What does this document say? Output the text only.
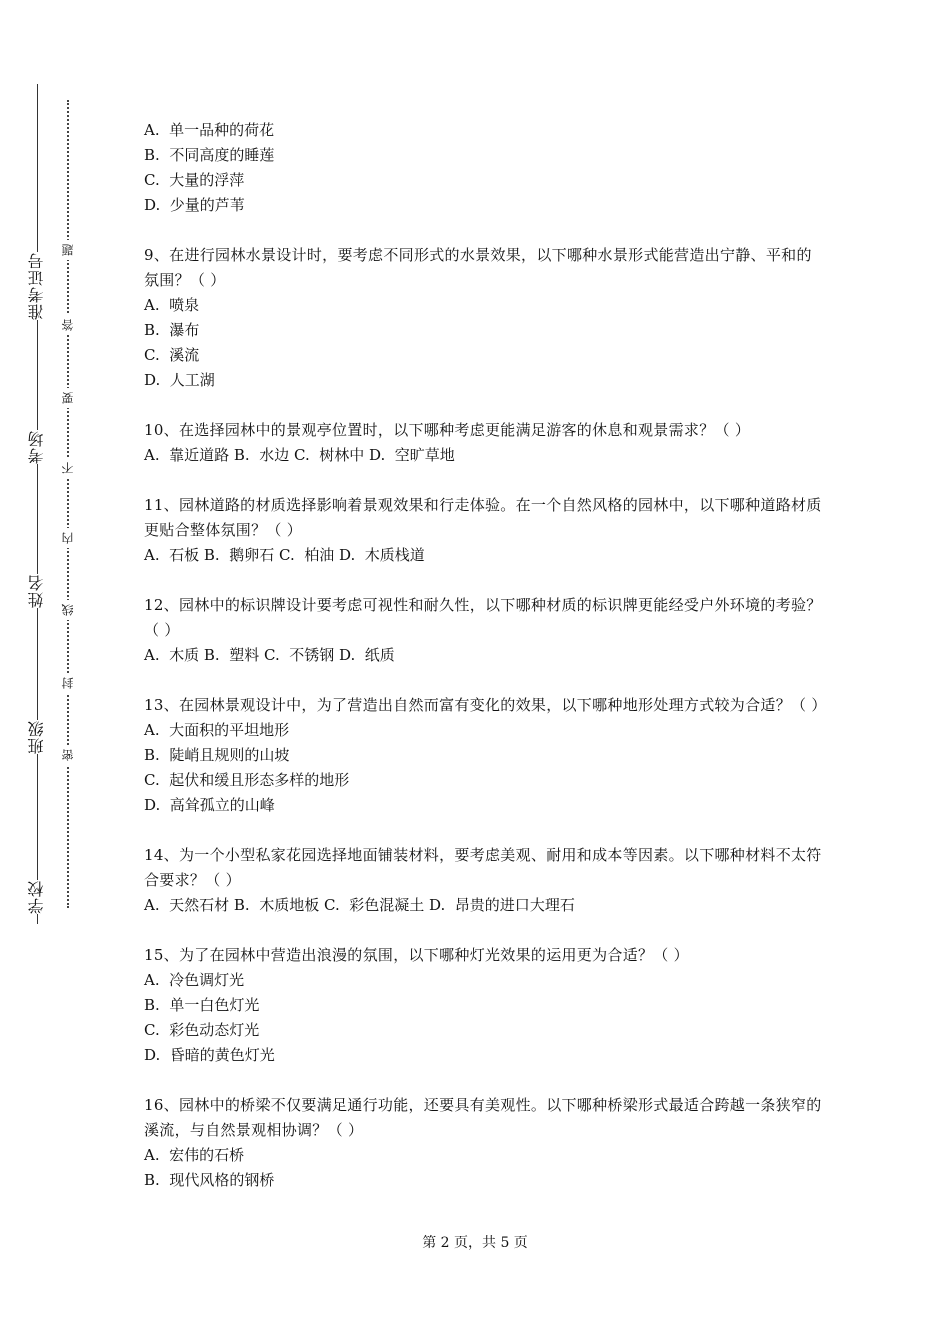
准考证号
考场
姓名
班级
学校
题
答
要
不
内
线
封
密

A.  单一品种的荷花

B.  不同高度的睡莲

C.  大量的浮萍

D.  少量的芦苇

9、在进行园林水景设计时，要考虑不同形式的水景效果，以下哪种水景形式能营造出宁静、平和的氛围？（ ）

A.  喷泉

B.  瀑布

C.  溪流

D.  人工湖

10、在选择园林中的景观亭位置时，以下哪种考虑更能满足游客的休息和观景需求？（ ）

A.  靠近道路 B.  水边 C.  树林中 D.  空旷草地

11、园林道路的材质选择影响着景观效果和行走体验。在一个自然风格的园林中，以下哪种道路材质更贴合整体氛围？（ ）

A.  石板 B.  鹅卵石 C.  柏油 D.  木质栈道

12、园林中的标识牌设计要考虑可视性和耐久性，以下哪种材质的标识牌更能经受户外环境的考验？（ ）

A.  木质 B.  塑料 C.  不锈钢 D.  纸质

13、在园林景观设计中，为了营造出自然而富有变化的效果，以下哪种地形处理方式较为合适？（ ）

A.  大面积的平坦地形

B.  陡峭且规则的山坡

C.  起伏和缓且形态多样的地形

D.  高耸孤立的山峰

14、为一个小型私家花园选择地面铺装材料，要考虑美观、耐用和成本等因素。以下哪种材料不太符合要求？（ ）

A.  天然石材 B.  木质地板 C.  彩色混凝土 D.  昂贵的进口大理石

15、为了在园林中营造出浪漫的氛围，以下哪种灯光效果的运用更为合适？（ ）

A.  冷色调灯光

B.  单一白色灯光

C.  彩色动态灯光

D.  昏暗的黄色灯光

16、园林中的桥梁不仅要满足通行功能，还要具有美观性。以下哪种桥梁形式最适合跨越一条狭窄的溪流，与自然景观相协调？（ ）

A.  宏伟的石桥

B.  现代风格的钢桥

第 2 页，共 5 页
